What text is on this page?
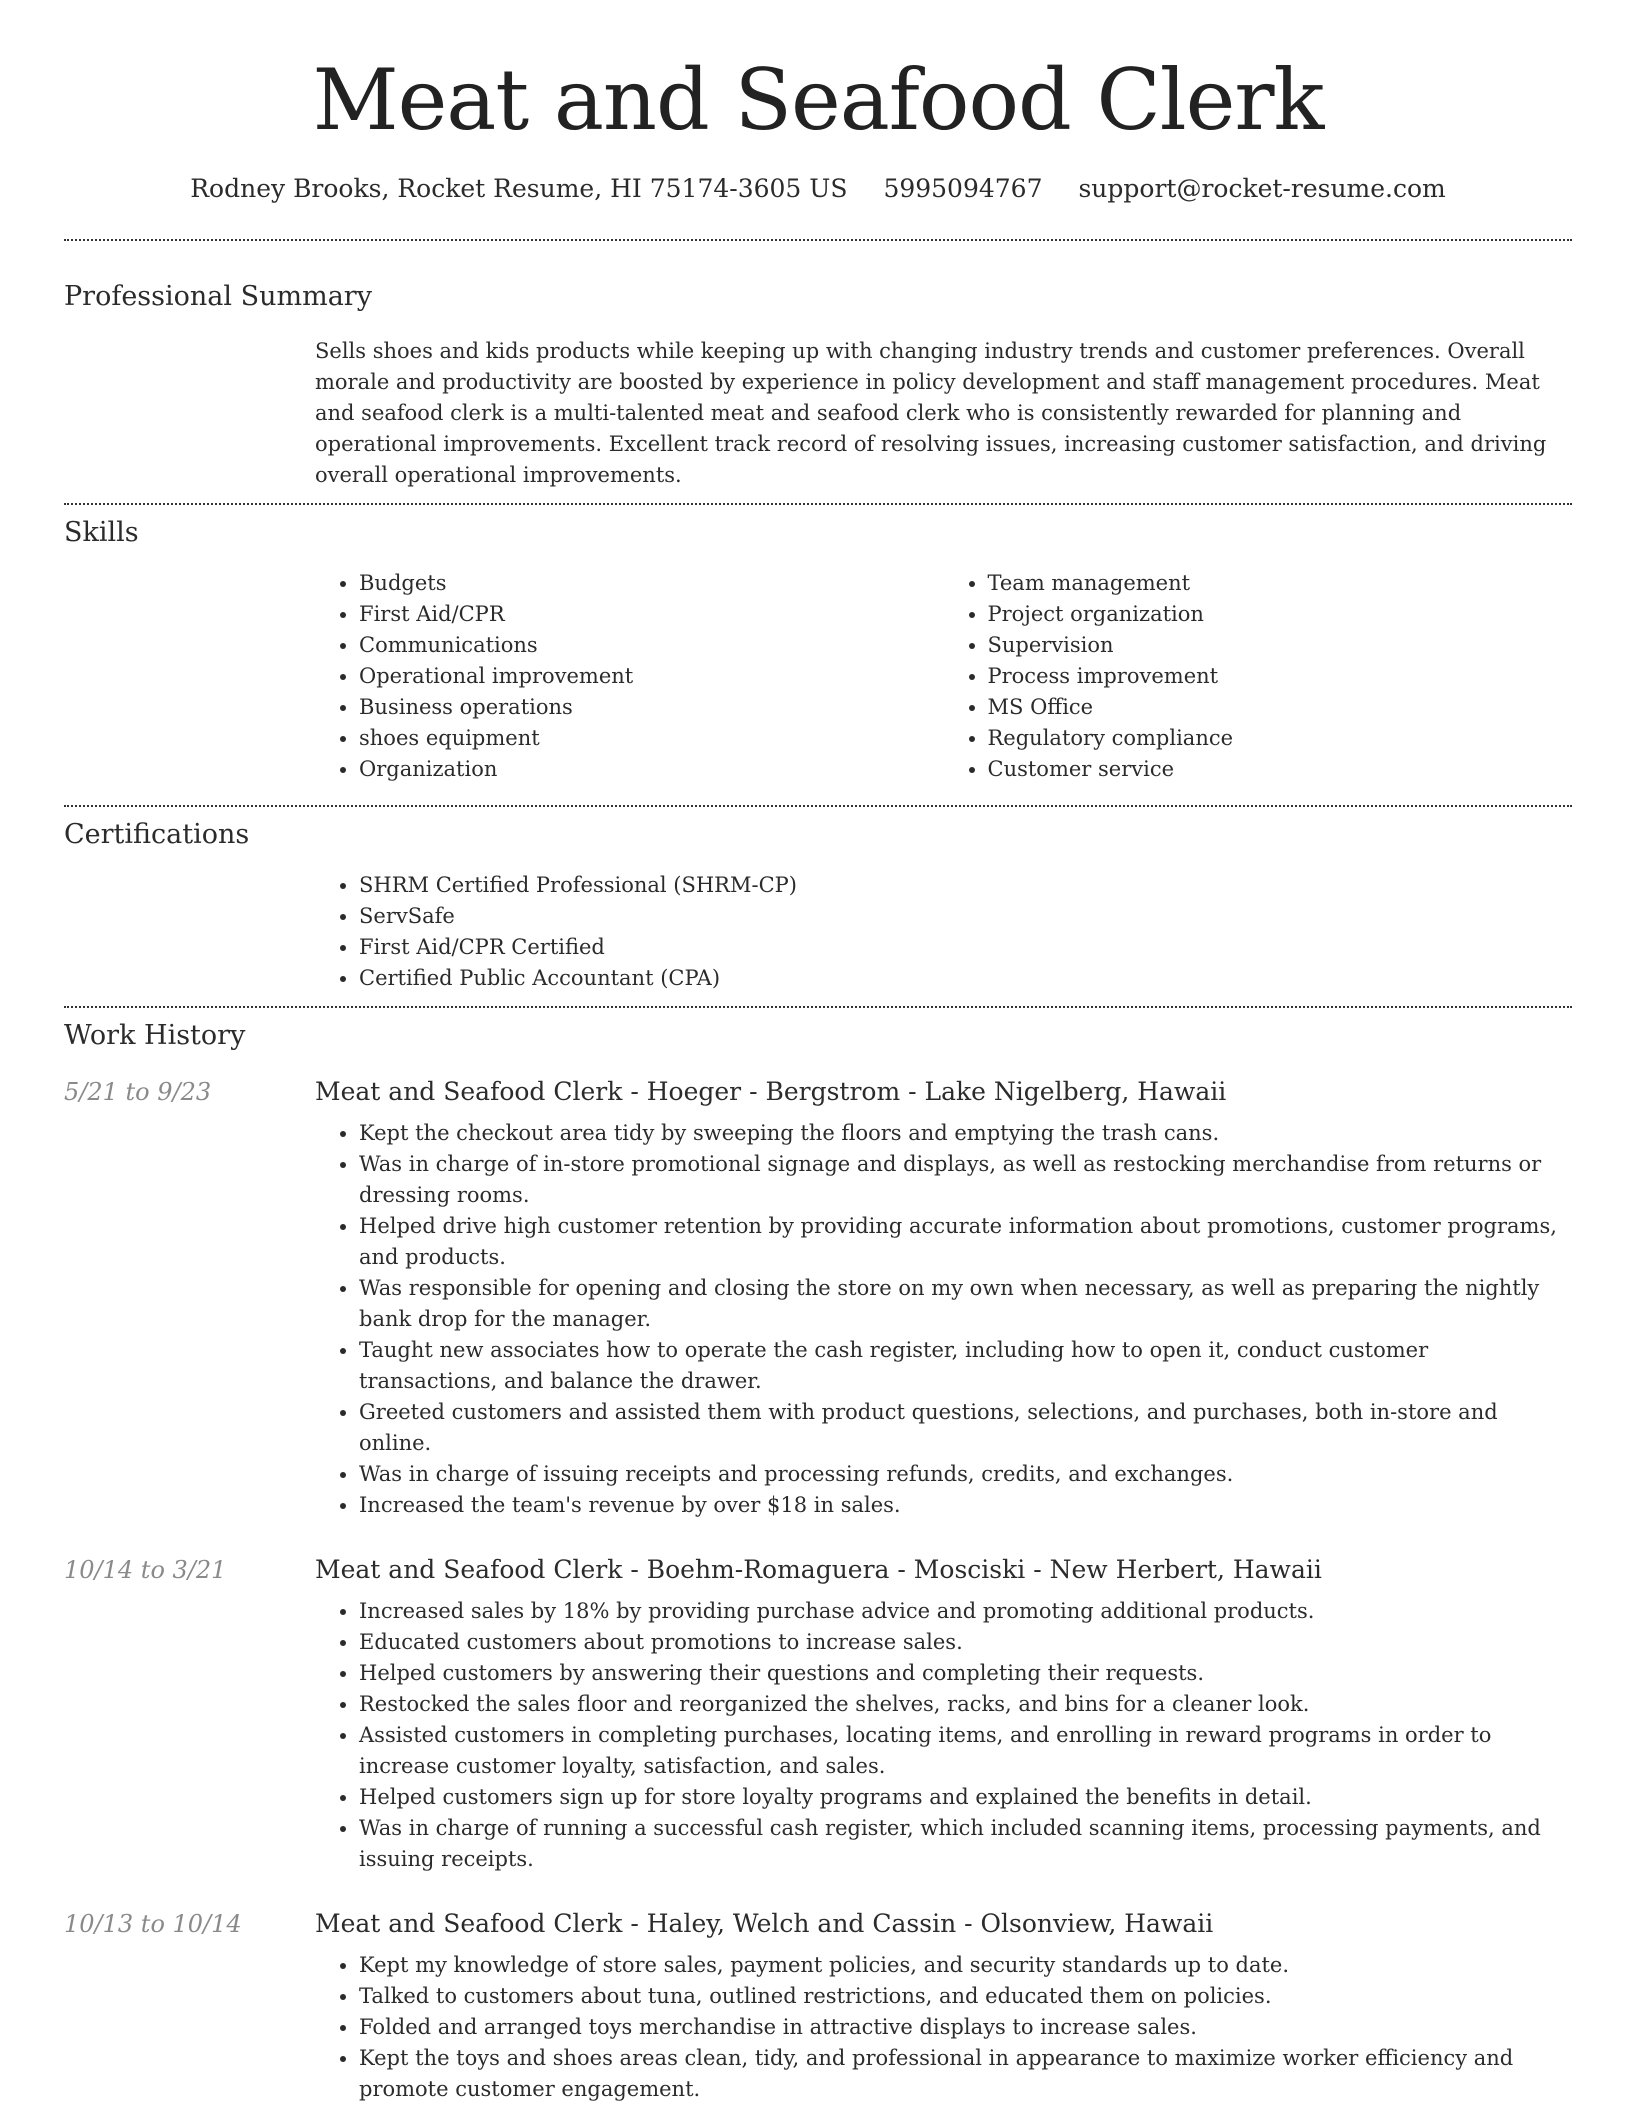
Meat and Seafood Clerk
Rodney Brooks, Rocket Resume, HI 75174-3605 US 5995094767 support@rocket-resume.com
Professional Summary
Sells shoes and kids products while keeping up with changing industry trends and customer preferences. Overall morale and productivity are boosted by experience in policy development and staff management procedures. Meat and seafood clerk is a multi-talented meat and seafood clerk who is consistently rewarded for planning and operational improvements. Excellent track record of resolving issues, increasing customer satisfaction, and driving overall operational improvements.
Skills
• Budgets
• First Aid/CPR
• Communications
• Operational improvement
• Business operations
• shoes equipment
• Organization
• Team management
• Project organization
• Supervision
• Process improvement
• MS Office
• Regulatory compliance
• Customer service
Certifications
• SHRM Certified Professional (SHRM-CP)
• ServSafe
• First Aid/CPR Certified
• Certified Public Accountant (CPA)
Work History
5/21 to 9/23	Meat and Seafood Clerk - Hoeger - Bergstrom - Lake Nigelberg, Hawaii
• Kept the checkout area tidy by sweeping the floors and emptying the trash cans.
• Was in charge of in-store promotional signage and displays, as well as restocking merchandise from returns or dressing rooms.
• Helped drive high customer retention by providing accurate information about promotions, customer programs, and products.
• Was responsible for opening and closing the store on my own when necessary, as well as preparing the nightly bank drop for the manager.
• Taught new associates how to operate the cash register, including how to open it, conduct customer transactions, and balance the drawer.
• Greeted customers and assisted them with product questions, selections, and purchases, both in-store and online.
• Was in charge of issuing receipts and processing refunds, credits, and exchanges.
• Increased the team's revenue by over $18 in sales.
10/14 to 3/21	Meat and Seafood Clerk - Boehm-Romaguera - Mosciski - New Herbert, Hawaii
• Increased sales by 18% by providing purchase advice and promoting additional products.
• Educated customers about promotions to increase sales.
• Helped customers by answering their questions and completing their requests.
• Restocked the sales floor and reorganized the shelves, racks, and bins for a cleaner look.
• Assisted customers in completing purchases, locating items, and enrolling in reward programs in order to increase customer loyalty, satisfaction, and sales.
• Helped customers sign up for store loyalty programs and explained the benefits in detail.
• Was in charge of running a successful cash register, which included scanning items, processing payments, and issuing receipts.
10/13 to 10/14	Meat and Seafood Clerk - Haley, Welch and Cassin - Olsonview, Hawaii
• Kept my knowledge of store sales, payment policies, and security standards up to date.
• Talked to customers about tuna, outlined restrictions, and educated them on policies.
• Folded and arranged toys merchandise in attractive displays to increase sales.
• Kept the toys and shoes areas clean, tidy, and professional in appearance to maximize worker efficiency and promote customer engagement.
